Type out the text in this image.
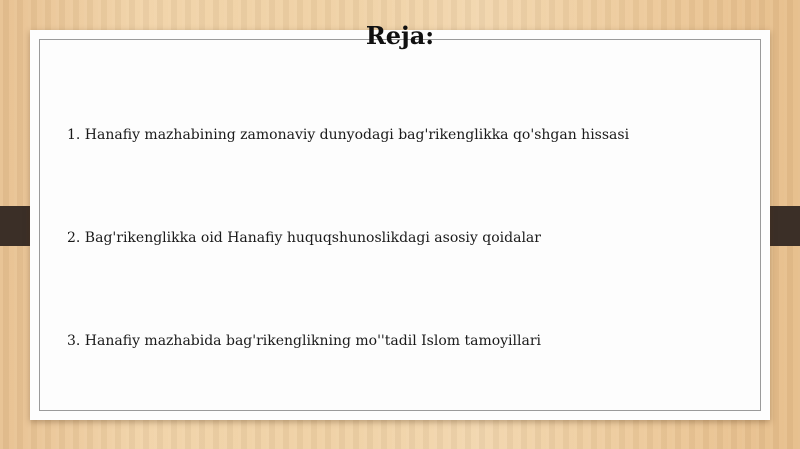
Reja:
1. Hanafiy mazhabining zamonaviy dunyodagi bag'rikenglikka qo'shgan hissasi
2. Bag'rikenglikka oid Hanafiy huquqshunoslikdagi asosiy qoidalar
3. Hanafiy mazhabida bag'rikenglikning mo''tadil Islom tamoyillari
